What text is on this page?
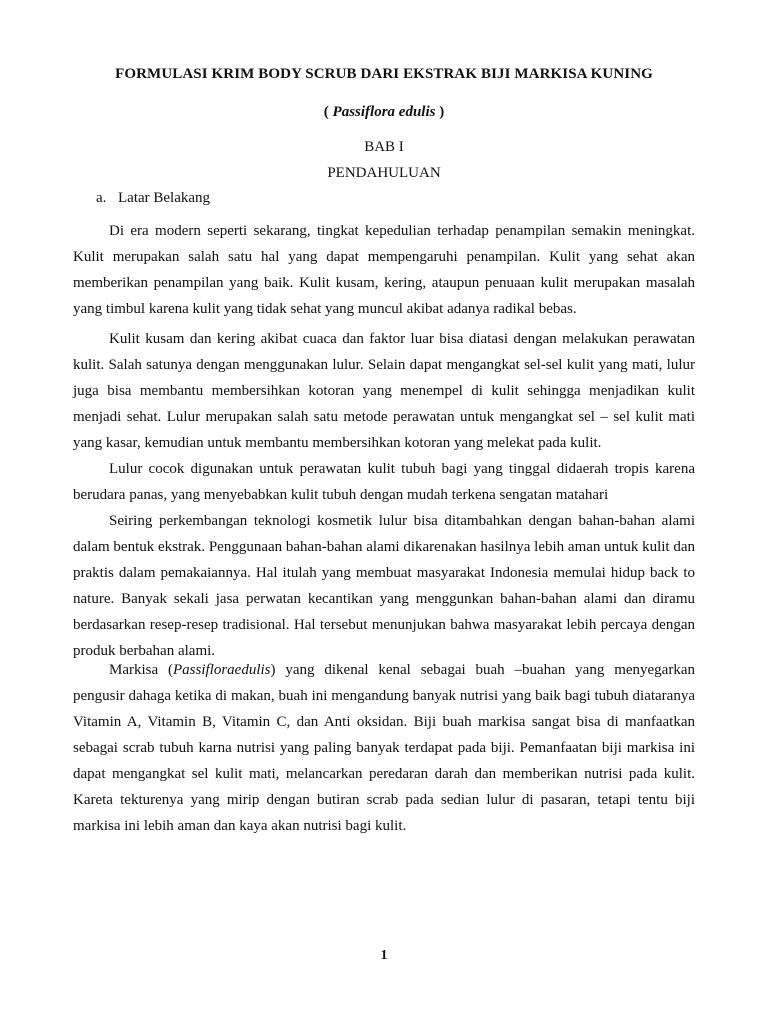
FORMULASI KRIM BODY SCRUB DARI EKSTRAK BIJI MARKISA KUNING
( Passiflora edulis )
BAB I
PENDAHULUAN
a. Latar Belakang

Di era modern seperti sekarang, tingkat kepedulian terhadap penampilan semakin meningkat. Kulit merupakan salah satu hal yang dapat mempengaruhi penampilan. Kulit yang sehat akan memberikan penampilan yang baik. Kulit kusam, kering, ataupun penuaan kulit merupakan masalah yang timbul karena kulit yang tidak sehat yang muncul akibat adanya radikal bebas.

Kulit kusam dan kering akibat cuaca dan faktor luar bisa diatasi dengan melakukan perawatan kulit. Salah satunya dengan menggunakan lulur. Selain dapat mengangkat sel-sel kulit yang mati, lulur juga bisa membantu membersihkan kotoran yang menempel di kulit sehingga menjadikan kulit menjadi sehat. Lulur merupakan salah satu metode perawatan untuk mengangkat sel – sel kulit mati yang kasar, kemudian untuk membantu membersihkan kotoran yang melekat pada kulit.

Lulur cocok digunakan untuk perawatan kulit tubuh bagi yang tinggal didaerah tropis karena berudara panas, yang menyebabkan kulit tubuh dengan mudah terkena sengatan matahari

Seiring perkembangan teknologi kosmetik lulur bisa ditambahkan dengan bahan-bahan alami dalam bentuk ekstrak. Penggunaan bahan-bahan alami dikarenakan hasilnya lebih aman untuk kulit dan praktis dalam pemakaiannya. Hal itulah yang membuat masyarakat Indonesia memulai hidup back to nature. Banyak sekali jasa perwatan kecantikan yang menggunkan bahan-bahan alami dan diramu berdasarkan resep-resep tradisional. Hal tersebut menunjukan bahwa masyarakat lebih percaya dengan produk berbahan alami.

Markisa (Passifloraedulis) yang dikenal kenal sebagai buah –buahan yang menyegarkan pengusir dahaga ketika di makan, buah ini mengandung banyak nutrisi yang baik bagi tubuh diataranya Vitamin A, Vitamin B, Vitamin C, dan Anti oksidan. Biji buah markisa sangat bisa di manfaatkan sebagai scrab tubuh karna nutrisi yang paling banyak terdapat pada biji. Pemanfaatan biji markisa ini dapat mengangkat sel kulit mati, melancarkan peredaran darah dan memberikan nutrisi pada kulit. Kareta tekturenya yang mirip dengan butiran scrab pada sedian lulur di pasaran, tetapi tentu biji markisa ini lebih aman dan kaya akan nutrisi bagi kulit.

1
